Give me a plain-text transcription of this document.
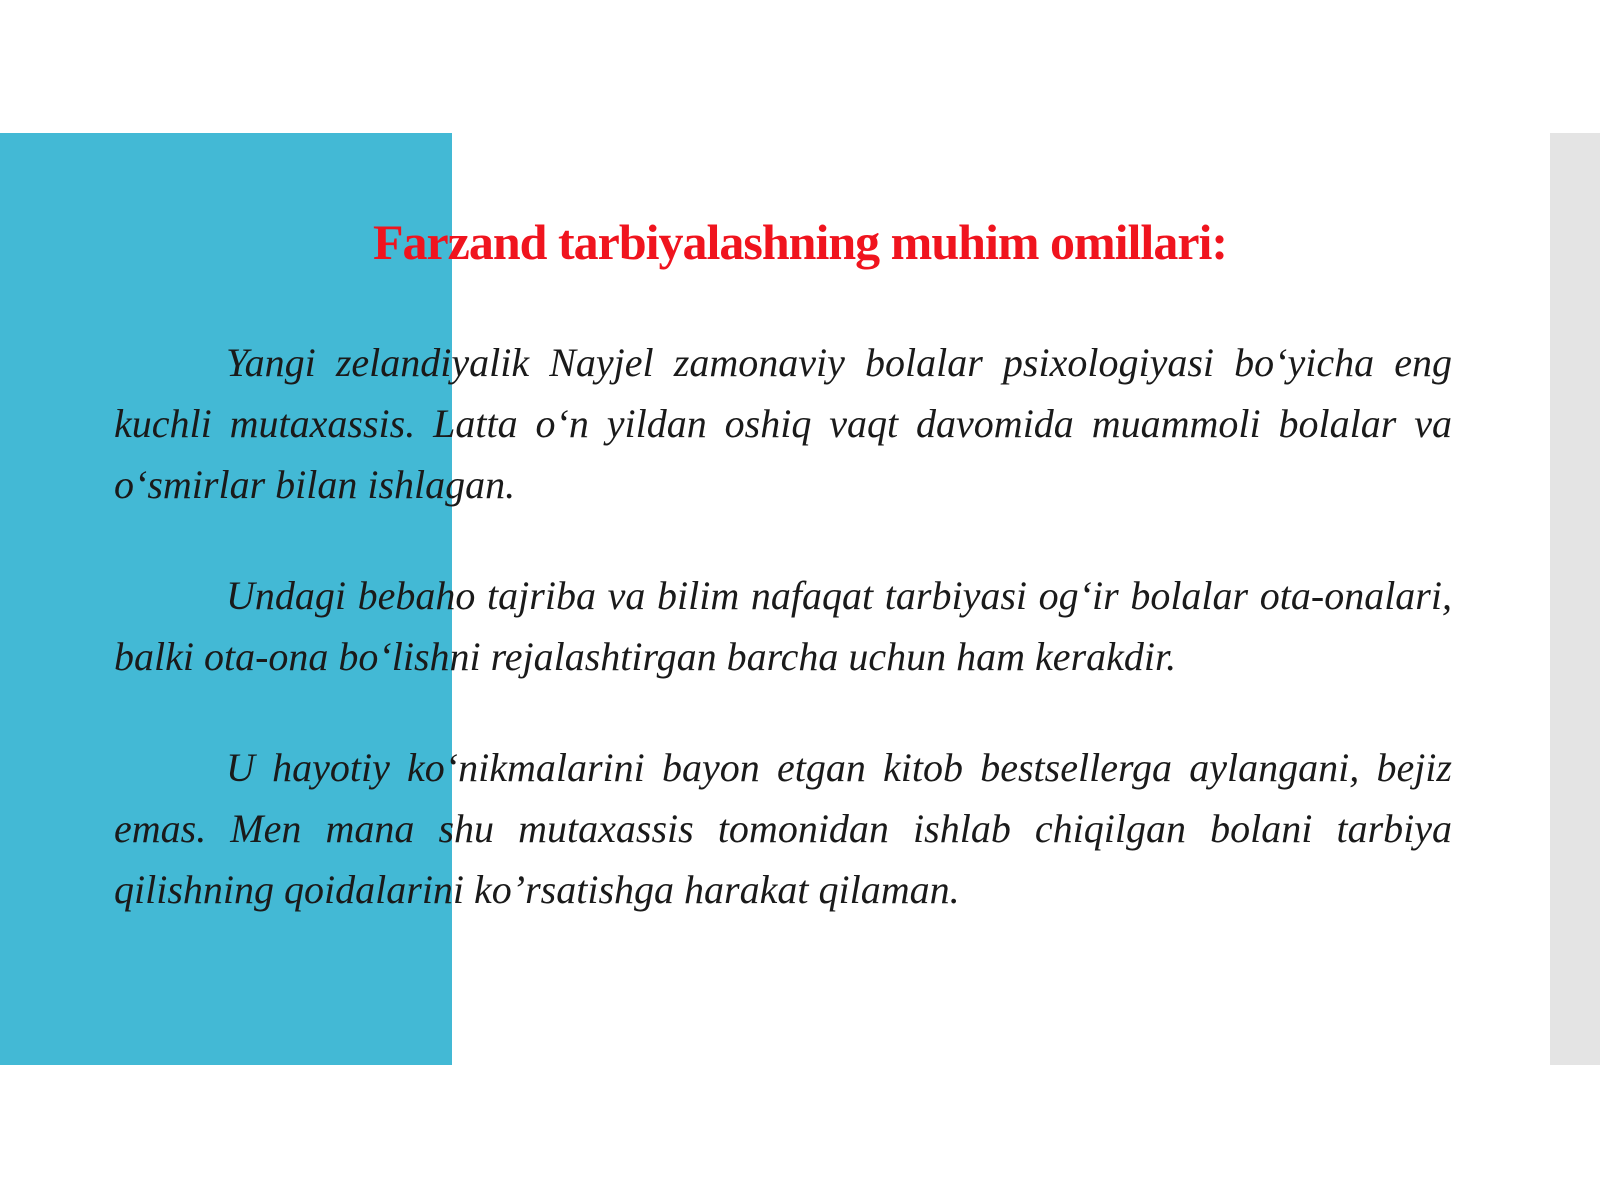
Farzand tarbiyalashning muhim omillari:

Yangi zelandiyalik Nayjel zamonaviy bolalar psixologiyasi bo‘yicha eng kuchli mutaxassis. Latta o‘n yildan oshiq vaqt davomida muammoli bolalar va o‘smirlar bilan ishlagan.

Undagi bebaho tajriba va bilim nafaqat tarbiyasi og‘ir bolalar ota-onalari, balki ota-ona bo‘lishni rejalashtirgan barcha uchun ham kerakdir.

U hayotiy ko‘nikmalarini bayon etgan kitob bestsellerga aylangani, bejiz emas. Men mana shu mutaxassis tomonidan ishlab chiqilgan bolani tarbiya qilishning qoidalarini ko’rsatishga harakat qilaman.
